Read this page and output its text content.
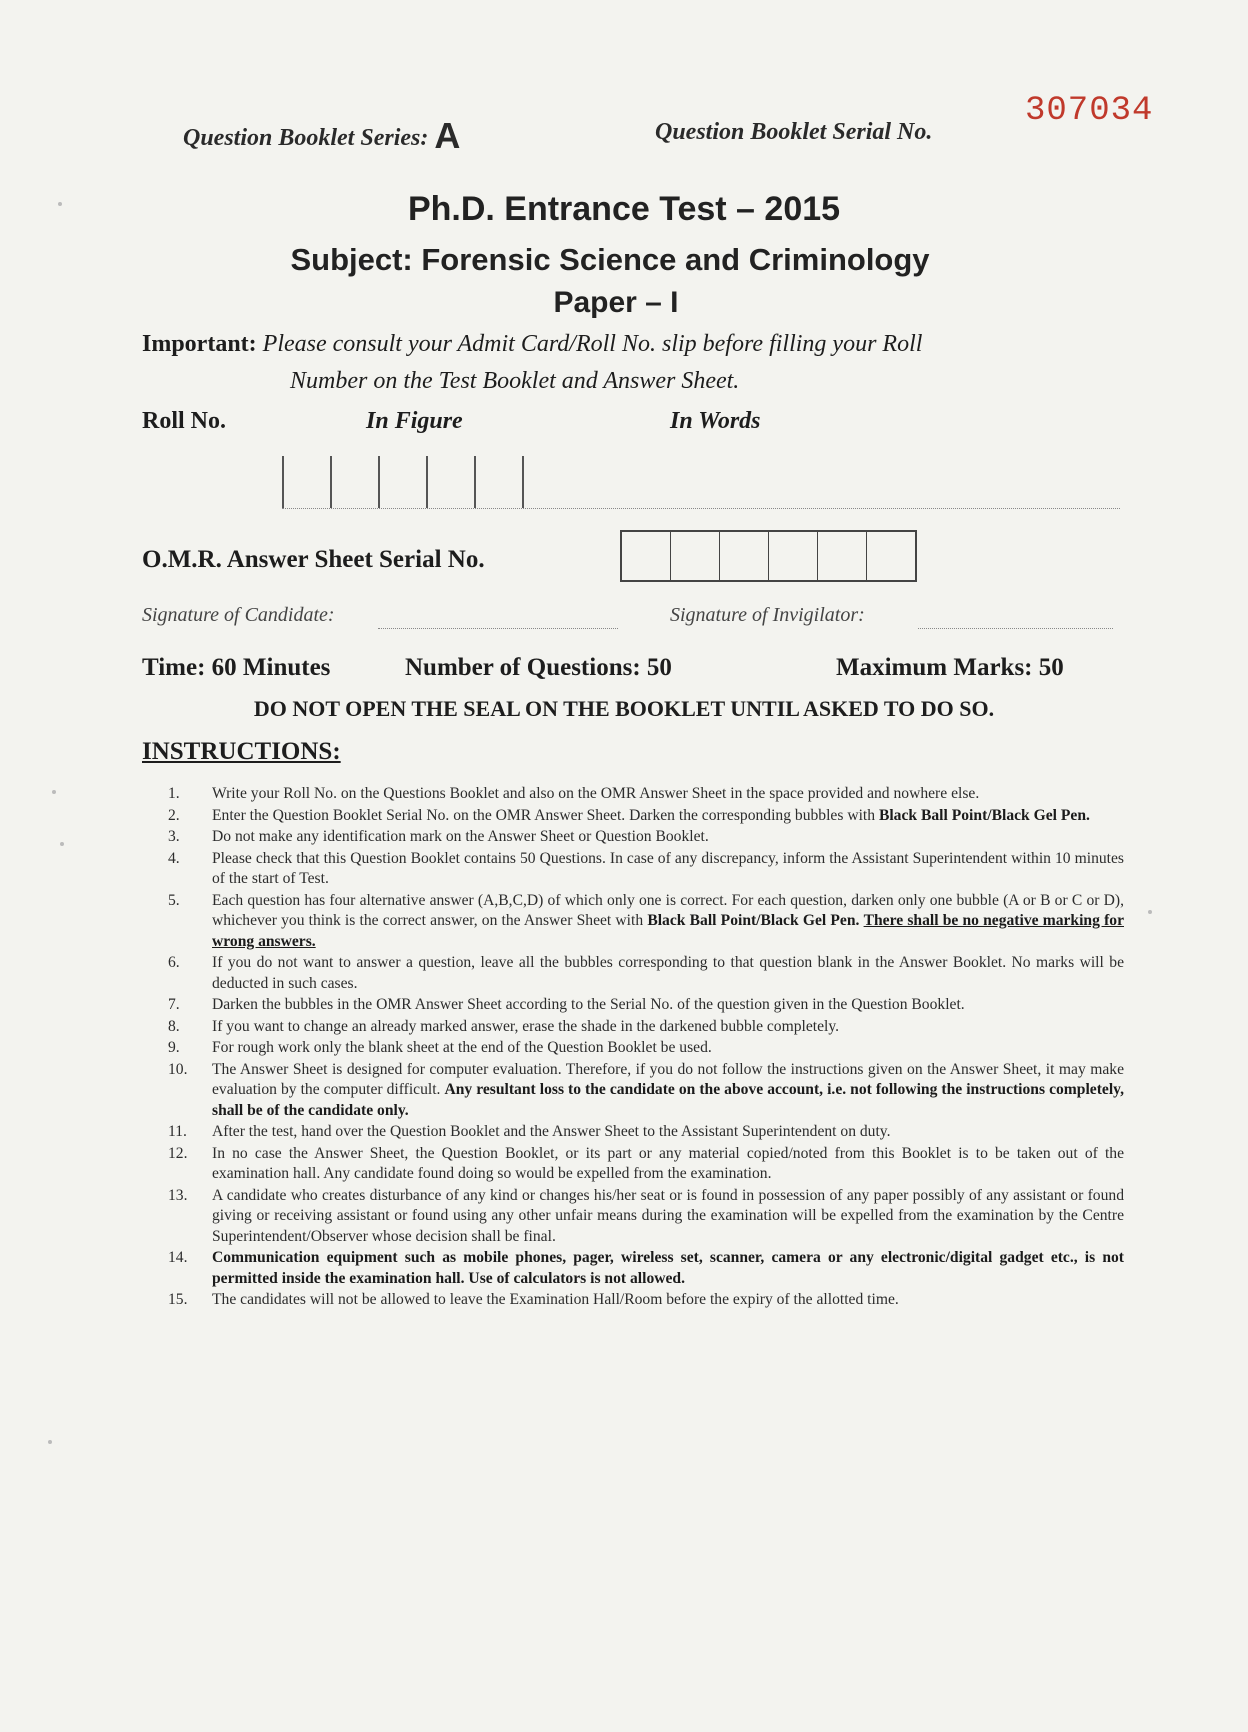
307034
Question Booklet Series: A	Question Booklet Serial No.
Ph.D. Entrance Test – 2015
Subject: Forensic Science and Criminology
Paper – I
Important: Please consult your Admit Card/Roll No. slip before filling your Roll
Number on the Test Booklet and Answer Sheet.
Roll No.	In Figure	In Words
O.M.R. Answer Sheet Serial No.
Signature of Candidate:	Signature of Invigilator:
Time: 60 Minutes	Number of Questions: 50	Maximum Marks: 50
DO NOT OPEN THE SEAL ON THE BOOKLET UNTIL ASKED TO DO SO.
INSTRUCTIONS:
1.	Write your Roll No. on the Questions Booklet and also on the OMR Answer Sheet in the space provided and nowhere else.
2.	Enter the Question Booklet Serial No. on the OMR Answer Sheet. Darken the corresponding bubbles with Black Ball Point/Black Gel Pen.
3.	Do not make any identification mark on the Answer Sheet or Question Booklet.
4.	Please check that this Question Booklet contains 50 Questions. In case of any discrepancy, inform the Assistant Superintendent within 10 minutes of the start of Test.
5.	Each question has four alternative answer (A,B,C,D) of which only one is correct. For each question, darken only one bubble (A or B or C or D), whichever you think is the correct answer, on the Answer Sheet with Black Ball Point/Black Gel Pen. There shall be no negative marking for wrong answers.
6.	If you do not want to answer a question, leave all the bubbles corresponding to that question blank in the Answer Booklet. No marks will be deducted in such cases.
7.	Darken the bubbles in the OMR Answer Sheet according to the Serial No. of the question given in the Question Booklet.
8.	If you want to change an already marked answer, erase the shade in the darkened bubble completely.
9.	For rough work only the blank sheet at the end of the Question Booklet be used.
10.	The Answer Sheet is designed for computer evaluation. Therefore, if you do not follow the instructions given on the Answer Sheet, it may make evaluation by the computer difficult. Any resultant loss to the candidate on the above account, i.e. not following the instructions completely, shall be of the candidate only.
11.	After the test, hand over the Question Booklet and the Answer Sheet to the Assistant Superintendent on duty.
12.	In no case the Answer Sheet, the Question Booklet, or its part or any material copied/noted from this Booklet is to be taken out of the examination hall. Any candidate found doing so would be expelled from the examination.
13.	A candidate who creates disturbance of any kind or changes his/her seat or is found in possession of any paper possibly of any assistant or found giving or receiving assistant or found using any other unfair means during the examination will be expelled from the examination by the Centre Superintendent/Observer whose decision shall be final.
14.	Communication equipment such as mobile phones, pager, wireless set, scanner, camera or any electronic/digital gadget etc., is not permitted inside the examination hall. Use of calculators is not allowed.
15.	The candidates will not be allowed to leave the Examination Hall/Room before the expiry of the allotted time.
